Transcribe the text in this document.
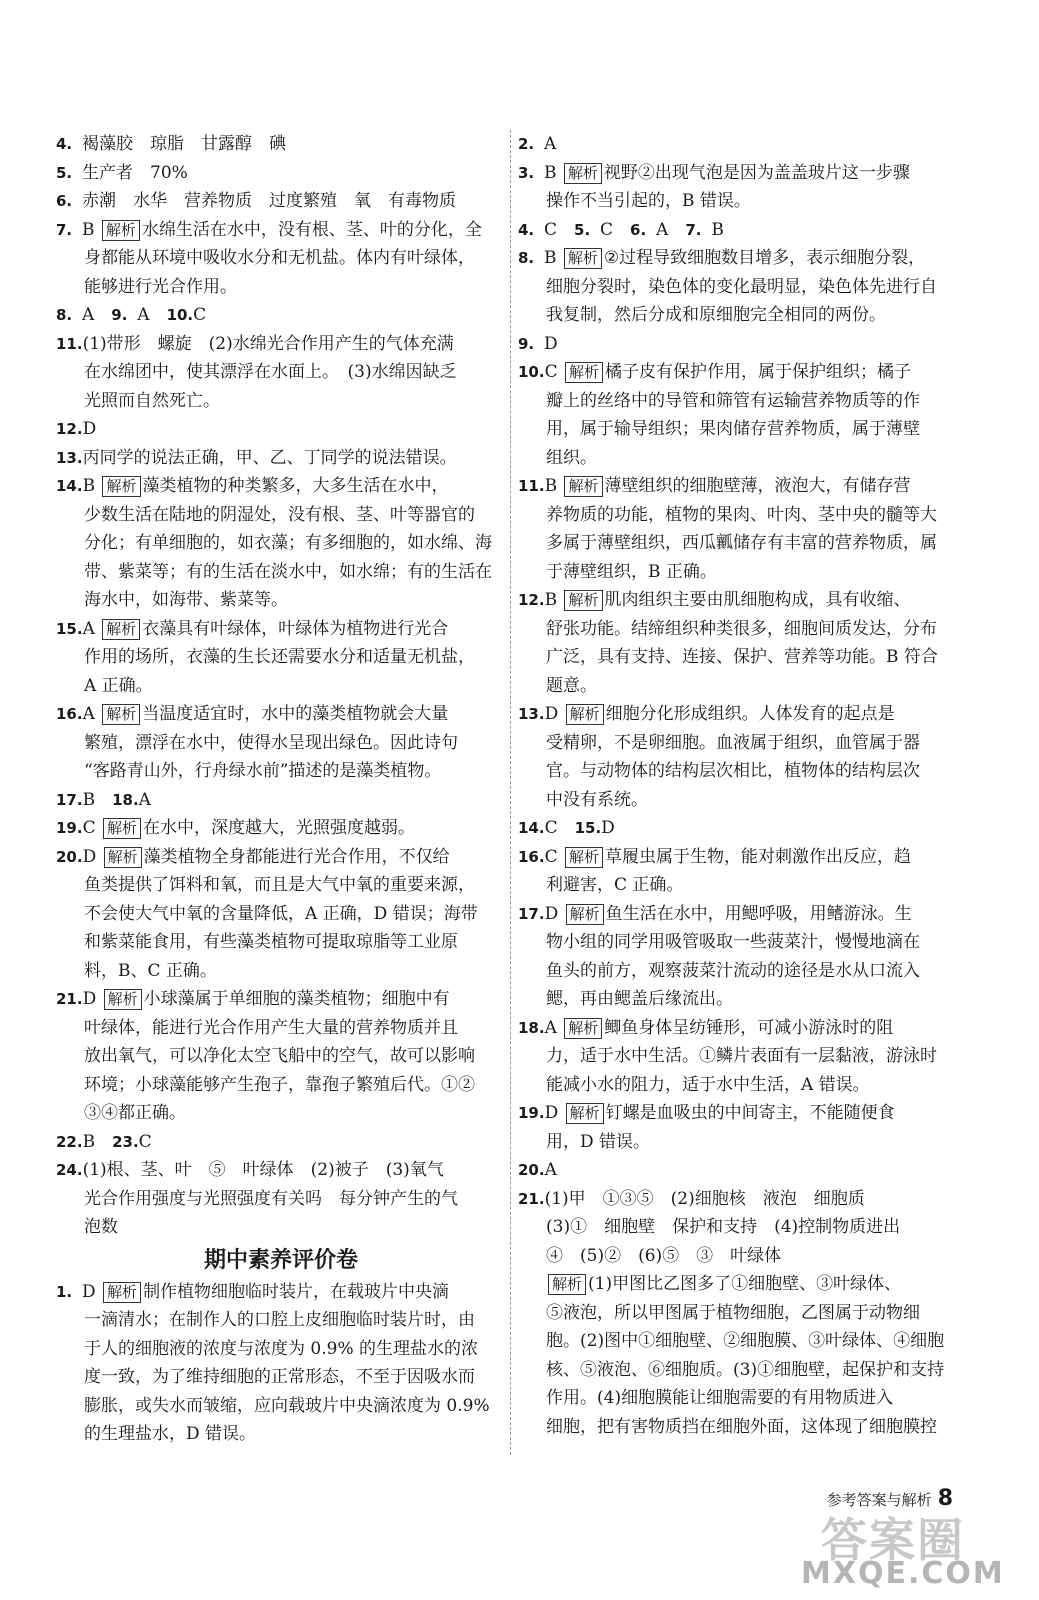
4. 褐藻胶　琼脂　甘露醇　碘
5. 生产者　70%
6. 赤潮　水华　营养物质　过度繁殖　氧　有毒物质
7. B 解析 水绵生活在水中，没有根、茎、叶的分化，全
身都能从环境中吸收水分和无机盐。体内有叶绿体，
能够进行光合作用。
8. A　9. A　10.C
11.(1)带形　螺旋　(2)水绵光合作用产生的气体充满
在水绵团中，使其漂浮在水面上。　(3)水绵因缺乏
光照而自然死亡。
12.D
13.丙同学的说法正确，甲、乙、丁同学的说法错误。
14.B 解析 藻类植物的种类繁多，大多生活在水中，
少数生活在陆地的阴湿处，没有根、茎、叶等器官的
分化；有单细胞的，如衣藻；有多细胞的，如水绵、海
带、紫菜等；有的生活在淡水中，如水绵；有的生活在
海水中，如海带、紫菜等。
15.A 解析 衣藻具有叶绿体，叶绿体为植物进行光合
作用的场所，衣藻的生长还需要水分和适量无机盐，
A 正确。
16.A 解析 当温度适宜时，水中的藻类植物就会大量
繁殖，漂浮在水中，使得水呈现出绿色。因此诗句
“客路青山外，行舟绿水前”描述的是藻类植物。
17.B　18.A
19.C 解析 在水中，深度越大，光照强度越弱。
20.D 解析 藻类植物全身都能进行光合作用，不仅给
鱼类提供了饵料和氧，而且是大气中氧的重要来源，
不会使大气中氧的含量降低，A 正确，D 错误；海带
和紫菜能食用，有些藻类植物可提取琼脂等工业原
料，B、C 正确。
21.D 解析 小球藻属于单细胞的藻类植物；细胞中有
叶绿体，能进行光合作用产生大量的营养物质并且
放出氧气，可以净化太空飞船中的空气，故可以影响
环境；小球藻能够产生孢子，靠孢子繁殖后代。①②
③④都正确。
22.B　23.C
24.(1)根、茎、叶　⑤　叶绿体　(2)被子　(3)氧气
光合作用强度与光照强度有关吗　每分钟产生的气
泡数
期中素养评价卷
1. D 解析 制作植物细胞临时装片，在载玻片中央滴
一滴清水；在制作人的口腔上皮细胞临时装片时，由
于人的细胞液的浓度与浓度为 0.9% 的生理盐水的浓
度一致，为了维持细胞的正常形态，不至于因吸水而
膨胀，或失水而皱缩，应向载玻片中央滴浓度为 0.9%
的生理盐水，D 错误。
2. A
3. B 解析 视野②出现气泡是因为盖盖玻片这一步骤
操作不当引起的，B 错误。
4. C　5. C　6. A　7. B
8. B 解析 ②过程导致细胞数目增多，表示细胞分裂，
细胞分裂时，染色体的变化最明显，染色体先进行自
我复制，然后分成和原细胞完全相同的两份。
9. D
10.C 解析 橘子皮有保护作用，属于保护组织；橘子
瓣上的丝络中的导管和筛管有运输营养物质等的作
用，属于输导组织；果肉储存营养物质，属于薄壁
组织。
11.B 解析 薄壁组织的细胞壁薄，液泡大，有储存营
养物质的功能，植物的果肉、叶肉、茎中央的髓等大
多属于薄壁组织，西瓜瓤储存有丰富的营养物质，属
于薄壁组织，B 正确。
12.B 解析 肌肉组织主要由肌细胞构成，具有收缩、
舒张功能。结缔组织种类很多，细胞间质发达，分布
广泛，具有支持、连接、保护、营养等功能。B 符合
题意。
13.D 解析 细胞分化形成组织。人体发育的起点是
受精卵，不是卵细胞。血液属于组织，血管属于器
官。与动物体的结构层次相比，植物体的结构层次
中没有系统。
14.C　15.D
16.C 解析 草履虫属于生物，能对刺激作出反应，趋
利避害，C 正确。
17.D 解析 鱼生活在水中，用鳃呼吸，用鳍游泳。生
物小组的同学用吸管吸取一些菠菜汁，慢慢地滴在
鱼头的前方，观察菠菜汁流动的途径是水从口流入
鳃，再由鳃盖后缘流出。
18.A 解析 鲫鱼身体呈纺锤形，可减小游泳时的阻
力，适于水中生活。①鳞片表面有一层黏液，游泳时
能减小水的阻力，适于水中生活，A 错误。
19.D 解析 钉螺是血吸虫的中间寄主，不能随便食
用，D 错误。
20.A
21.(1)甲　①③⑤　(2)细胞核　液泡　细胞质
(3)①　细胞壁　保护和支持　(4)控制物质进出
④　(5)②　(6)⑤　③　叶绿体
解析 (1)甲图比乙图多了①细胞壁、③叶绿体、
⑤液泡，所以甲图属于植物细胞，乙图属于动物细
胞。(2)图中①细胞壁、②细胞膜、③叶绿体、④细胞
核、⑤液泡、⑥细胞质。(3)①细胞壁，起保护和支持
作用。(4)细胞膜能让细胞需要的有用物质进入
细胞，把有害物质挡在细胞外面，这体现了细胞膜控
参考答案与解析 8
答案圈
MXQE.COM
